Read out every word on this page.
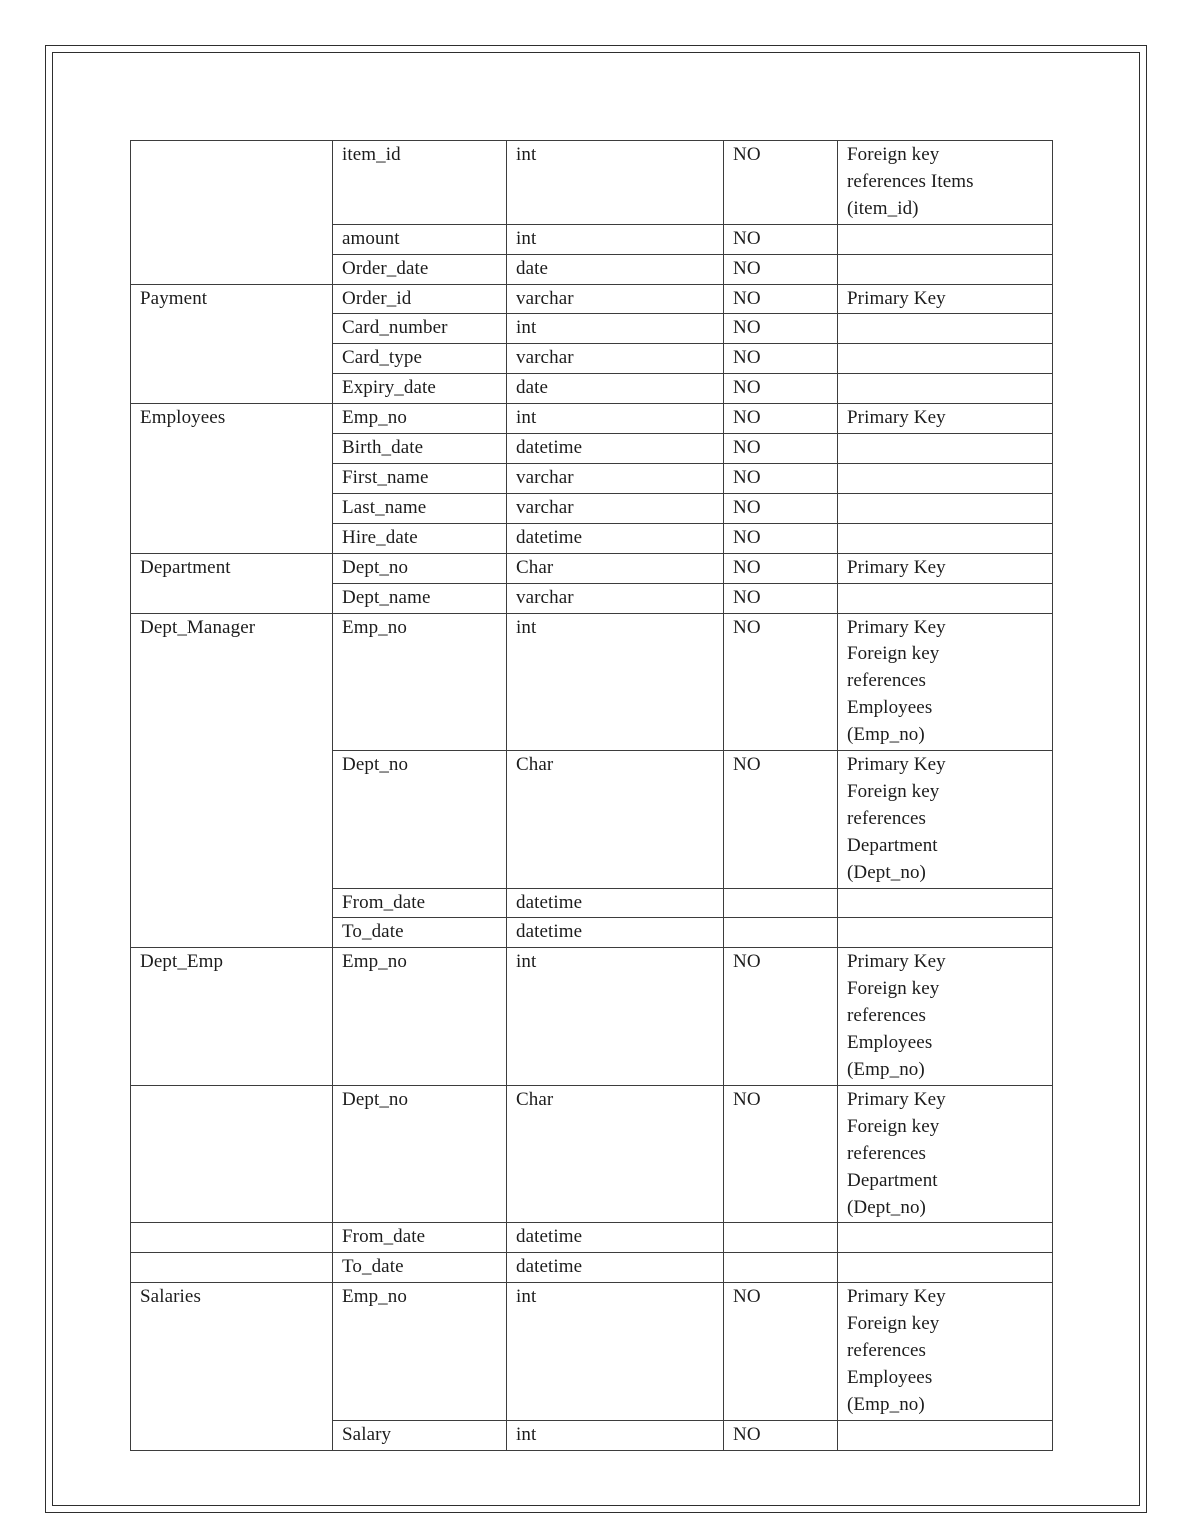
	item_id	int	NO	Foreign key
references Items
(item_id)
	amount	int	NO	
	Order_date	date	NO	
Payment	Order_id	varchar	NO	Primary Key
	Card_number	int	NO	
	Card_type	varchar	NO	
	Expiry_date	date	NO	
Employees	Emp_no	int	NO	Primary Key
	Birth_date	datetime	NO	
	First_name	varchar	NO	
	Last_name	varchar	NO	
	Hire_date	datetime	NO	
Department	Dept_no	Char	NO	Primary Key
	Dept_name	varchar	NO	
Dept_Manager	Emp_no	int	NO	Primary Key
Foreign key
references
Employees
(Emp_no)
	Dept_no	Char	NO	Primary Key
Foreign key
references
Department
(Dept_no)
	From_date	datetime		
	To_date	datetime		
Dept_Emp	Emp_no	int	NO	Primary Key
Foreign key
references
Employees
(Emp_no)
	Dept_no	Char	NO	Primary Key
Foreign key
references
Department
(Dept_no)
	From_date	datetime		
	To_date	datetime		
Salaries	Emp_no	int	NO	Primary Key
Foreign key
references
Employees
(Emp_no)
	Salary	int	NO	
